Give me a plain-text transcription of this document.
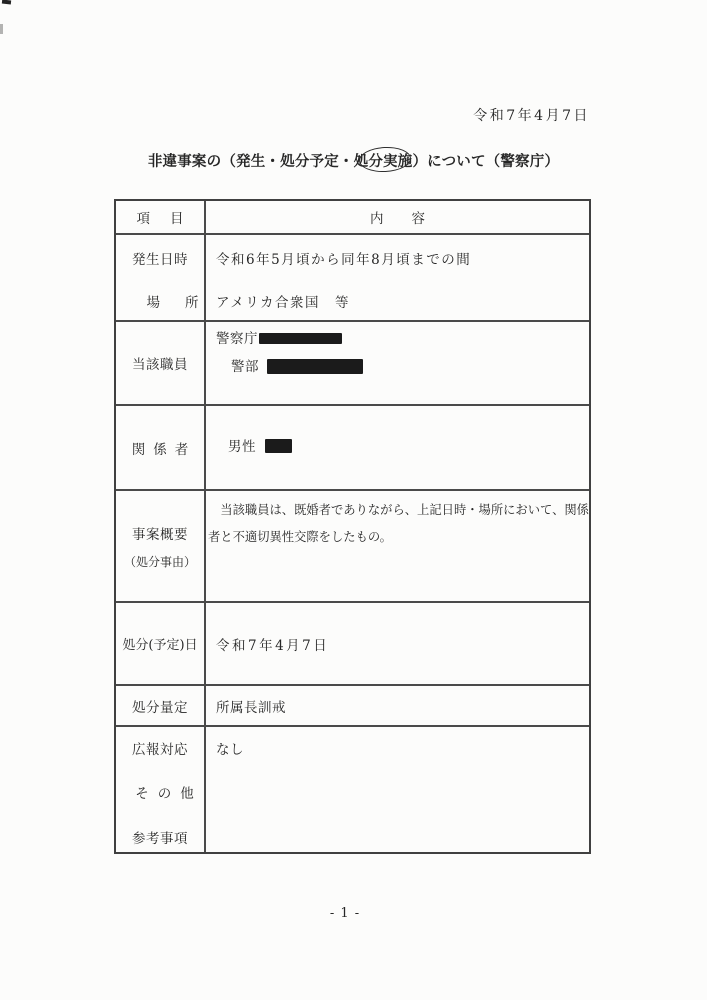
令和7年4月7日
非違事案の（発生・処分予定・処分実施
）について（警察庁）
項目	内容
発生日時
場所
令和6年5月頃から同年8月頃までの間
アメリカ合衆国　等
当該職員
警察庁
警部
関係者 男性
事案概要
（処分事由）
　当該職員は、既婚者でありながら、上記日時・場所において、関係
者と不適切異性交際をしたもの。
処分(予定)日 令和7年4月7日
処分量定 所属長訓戒
広報対応
その他
参考事項
なし
- 1 -
